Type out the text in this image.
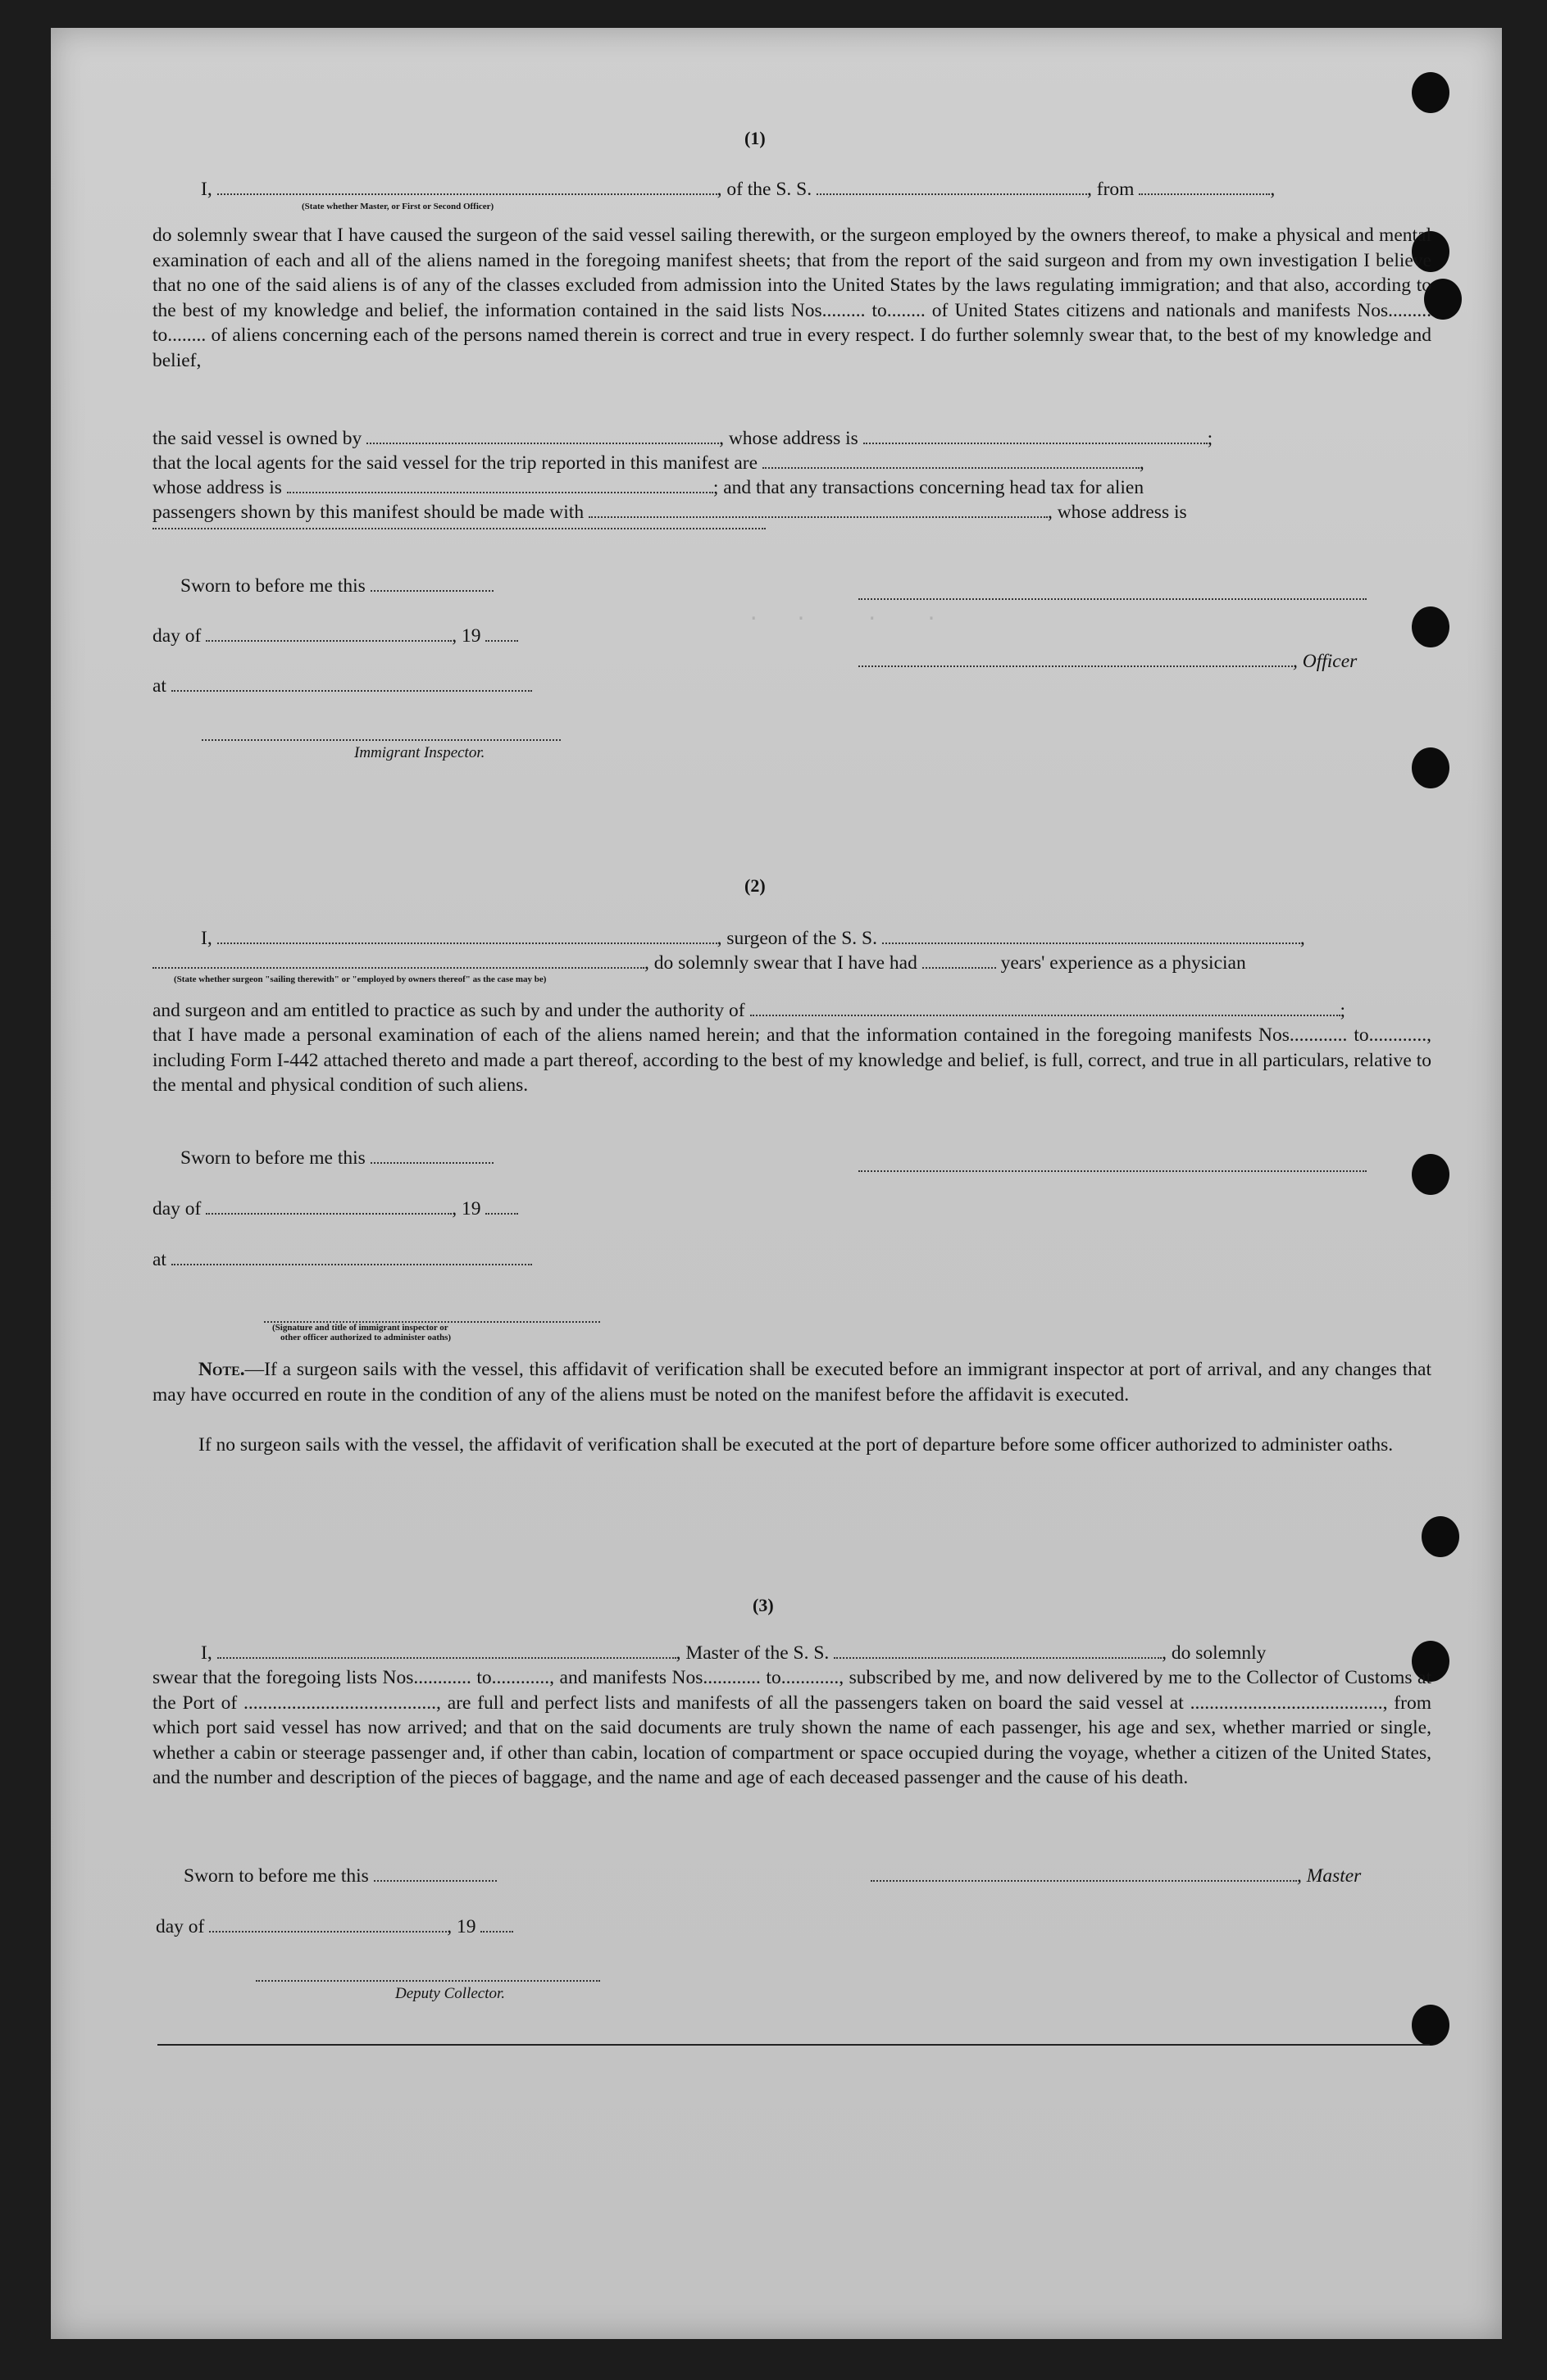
.   .     .    .
(1)
I,	, of the S. S.	, from	,
(State whether Master, or First or Second Officer)
do solemnly swear that I have caused the surgeon of the said vessel sailing therewith, or the surgeon employed by the owners thereof, to make a physical and mental examination of each and all of the aliens named in the foregoing manifest sheets; that from the report of the said surgeon and from my own investigation I believe that no one of the said aliens is of any of the classes excluded from admission into the United States by the laws regulating immigration; and that also, according to the best of my knowledge and belief, the information contained in the said lists Nos......... to........ of United States citizens and nationals and manifests Nos......... to........ of aliens concerning each of the persons named therein is correct and true in every respect. I do further solemnly swear that, to the best of my knowledge and belief,
the said vessel is owned by	, whose address is	;
that the local agents for the said vessel for the trip reported in this manifest are	,
whose address is	; and that any transactions concerning head tax for alien
passengers shown by this manifest should be made with	, whose address is
Sworn to before me this
day of	, 19
, Officer
at
Immigrant Inspector.
(2)
I,	, surgeon of the S. S.	,
, do solemnly swear that I have had	years' experience as a physician
(State whether surgeon "sailing therewith" or "employed by owners thereof" as the case may be)
and surgeon and am entitled to practice as such by and under the authority of	;
that I have made a personal examination of each of the aliens named herein; and that the information contained in the foregoing manifests Nos............ to............, including Form I-442 attached thereto and made a part thereof, according to the best of my knowledge and belief, is full, correct, and true in all particulars, relative to the mental and physical condition of such aliens.
Sworn to before me this
day of	, 19
at
(Signature and title of immigrant inspector or
other officer authorized to administer oaths)
Note.—If a surgeon sails with the vessel, this affidavit of verification shall be executed before an immigrant inspector at port of arrival, and any changes that may have occurred en route in the condition of any of the aliens must be noted on the manifest before the affidavit is executed.
If no surgeon sails with the vessel, the affidavit of verification shall be executed at the port of departure before some officer authorized to administer oaths.
(3)
I,	, Master of the S. S.	, do solemnly
swear that the foregoing lists Nos............ to............, and manifests Nos............ to............, subscribed by me, and now delivered by me to the Collector of Customs at the Port of ........................................, are full and perfect lists and manifests of all the passengers taken on board the said vessel at ........................................, from which port said vessel has now arrived; and that on the said documents are truly shown the name of each passenger, his age and sex, whether married or single, whether a cabin or steerage passenger and, if other than cabin, location of compartment or space occupied during the voyage, whether a citizen of the United States, and the number and description of the pieces of baggage, and the name and age of each deceased passenger and the cause of his death.
Sworn to before me this	, Master
day of	, 19
Deputy Collector.
